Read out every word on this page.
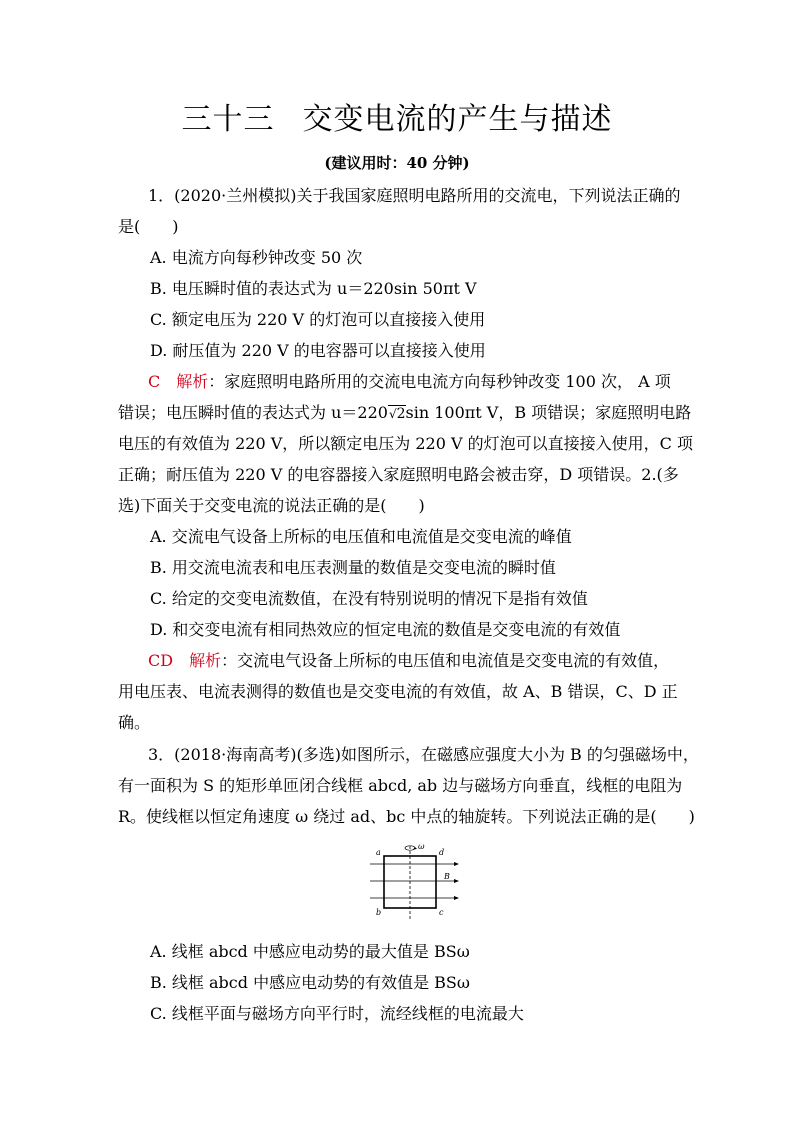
三十三 交变电流的产生与描述
(建议用时：40 分钟)
1．(2020·兰州模拟)关于我国家庭照明电路所用的交流电，下列说法正确的
是(　　)
A. 电流方向每秒钟改变 50 次
B. 电压瞬时值的表达式为 u＝220sin 50πt V
C. 额定电压为 220 V 的灯泡可以直接接入使用
D. 耐压值为 220 V 的电容器可以直接接入使用
C　 解析：家庭照明电路所用的交流电电流方向每秒钟改变 100 次， A 项
错误；电压瞬时值的表达式为 u＝220√2sin 100πt V，B 项错误；家庭照明电路
电压的有效值为 220 V，所以额定电压为 220 V 的灯泡可以直接接入使用，C 项
正确；耐压值为 220 V 的电容器接入家庭照明电路会被击穿，D 项错误。2.(多
选)下面关于交变电流的说法正确的是(　　)
A. 交流电气设备上所标的电压值和电流值是交变电流的峰值
B. 用交流电流表和电压表测量的数值是交变电流的瞬时值
C. 给定的交变电流数值，在没有特别说明的情况下是指有效值
D. 和交变电流有相同热效应的恒定电流的数值是交变电流的有效值
CD　 解析：交流电气设备上所标的电压值和电流值是交变电流的有效值，
用电压表、电流表测得的数值也是交变电流的有效值，故 A、B 错误，C、D 正
确。
3．(2018·海南高考)(多选)如图所示，在磁感应强度大小为 B 的匀强磁场中，
有一面积为 S 的矩形单匝闭合线框 abcd, ab 边与磁场方向垂直，线框的电阻为
R。使线框以恒定角速度 ω 绕过 ad、bc 中点的轴旋转。下列说法正确的是(　　)
a	d
b	c
B
ω
A. 线框 abcd 中感应电动势的最大值是 BSω
B. 线框 abcd 中感应电动势的有效值是 BSω
C. 线框平面与磁场方向平行时，流经线框的电流最大
